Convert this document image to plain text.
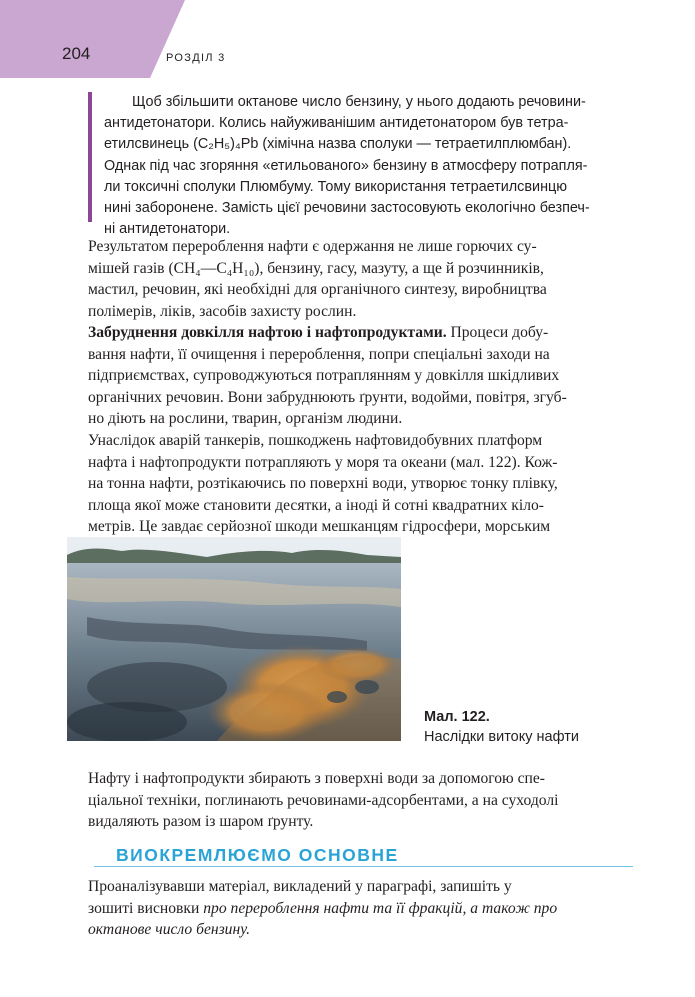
204	РОЗДІЛ 3
Щоб збільшити октанове число бензину, у нього додають речовини-
антидетонатори. Колись найуживанішим антидетонатором був тетра-
етилсвинець (C₂H₅)₄Pb (хімічна назва сполуки — тетраетилплюмбан).
Однак під час згоряння «етильованого» бензину в атмосферу потрапля-
ли токсичні сполуки Плюмбуму. Тому використання тетраетилсвинцю
нині заборонене. Замість цієї речовини застосовують екологічно безпеч-
ні антидетонатори.
Результатом перероблення нафти є одержання не лише горючих су-
мішей газів (CH₄—C₄H₁₀), бензину, гасу, мазуту, а ще й розчинників,
мастил, речовин, які необхідні для органічного синтезу, виробництва
полімерів, ліків, засобів захисту рослин.
Забруднення довкілля нафтою і нафтопродуктами. Процеси добу-
вання нафти, її очищення і перероблення, попри спеціальні заходи на
підприємствах, супроводжуються потраплянням у довкілля шкідливих
органічних речовин. Вони забруднюють ґрунти, водойми, повітря, згуб-
но діють на рослини, тварин, організм людини.
Унаслідок аварій танкерів, пошкоджень нафтовидобувних платформ
нафта і нафтопродукти потрапляють у моря та океани (мал. 122). Кож-
на тонна нафти, розтікаючись по поверхні води, утворює тонку плівку,
площа якої може становити десятки, а іноді й сотні квадратних кіло-
метрів. Це завдає серйозної шкоди мешканцям гідросфери, морським
Мал. 122.
Наслідки витоку нафти
Нафту і нафтопродукти збирають з поверхні води за допомогою спе-
ціальної техніки, поглинають речовинами-адсорбентами, а на суходолі
видаляють разом із шаром ґрунту.
ВИОКРЕМЛЮЄМО ОСНОВНЕ
Проаналізувавши матеріал, викладений у параграфі, запишіть у
зошиті висновки про перероблення нафти та її фракцій, а також про
октанове число бензину.
